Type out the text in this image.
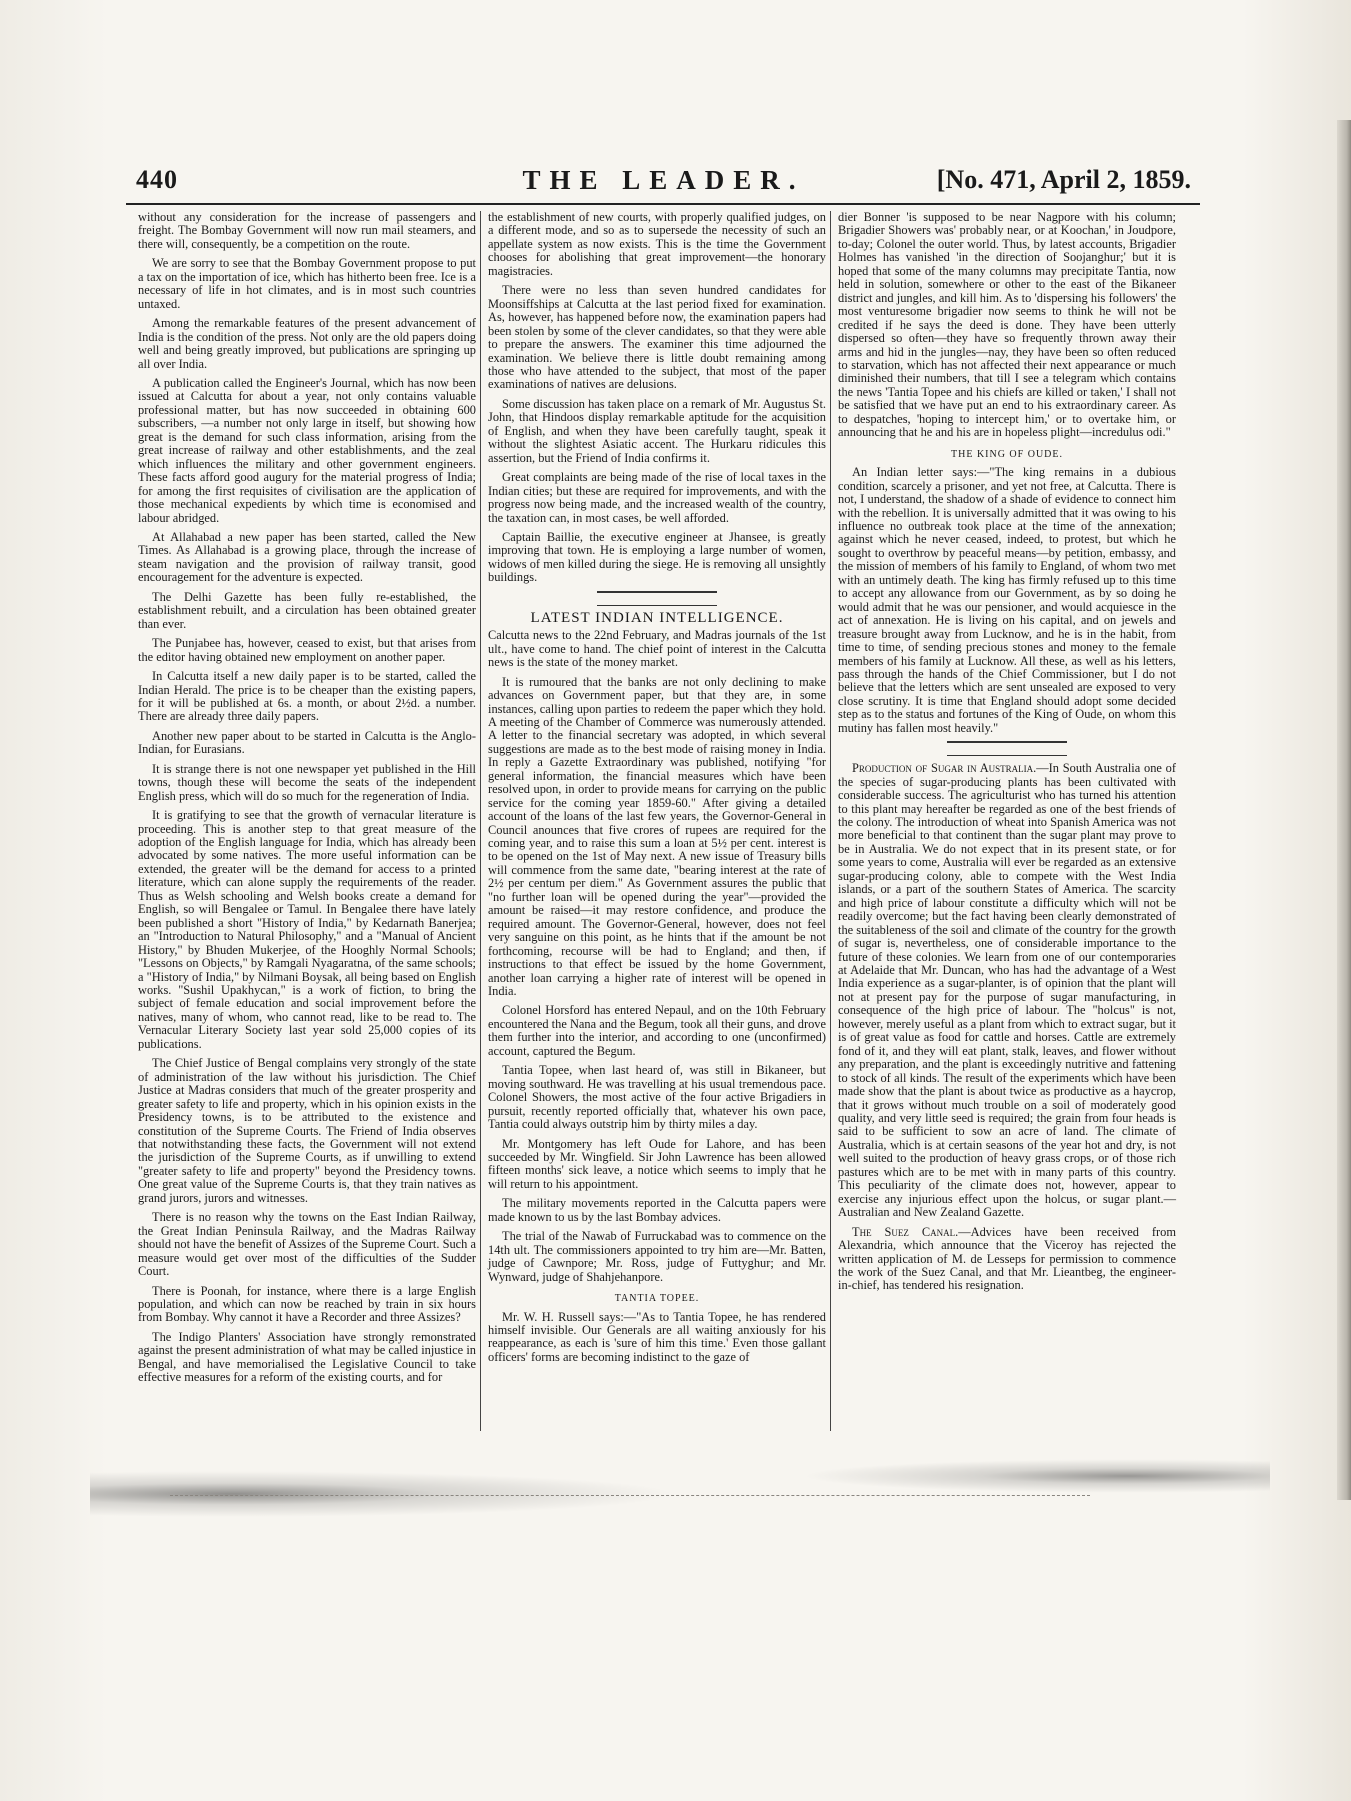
440	THE LEADER.	[No. 471, April 2, 1859.

without any consideration for the increase of passengers and freight. The Bombay Government will now run mail steamers, and there will, consequently, be a competition on the route.

We are sorry to see that the Bombay Government propose to put a tax on the importation of ice, which has hitherto been free. Ice is a necessary of life in hot climates, and is in most such countries untaxed.

Among the remarkable features of the present advancement of India is the condition of the press. Not only are the old papers doing well and being greatly improved, but publications are springing up all over India.

A publication called the Engineer's Journal, which has now been issued at Calcutta for about a year, not only contains valuable professional matter, but has now succeeded in obtaining 600 subscribers, —a number not only large in itself, but showing how great is the demand for such class information, arising from the great increase of railway and other establishments, and the zeal which influences the military and other government engineers. These facts afford good augury for the material progress of India; for among the first requisites of civilisation are the application of those mechanical expedients by which time is economised and labour abridged.

At Allahabad a new paper has been started, called the New Times. As Allahabad is a growing place, through the increase of steam navigation and the provision of railway transit, good encouragement for the adventure is expected.

The Delhi Gazette has been fully re-established, the establishment rebuilt, and a circulation has been obtained greater than ever.

The Punjabee has, however, ceased to exist, but that arises from the editor having obtained new employment on another paper.

In Calcutta itself a new daily paper is to be started, called the Indian Herald. The price is to be cheaper than the existing papers, for it will be published at 6s. a month, or about 2½d. a number. There are already three daily papers.

Another new paper about to be started in Calcutta is the Anglo-Indian, for Eurasians.

It is strange there is not one newspaper yet published in the Hill towns, though these will become the seats of the independent English press, which will do so much for the regeneration of India.

It is gratifying to see that the growth of vernacular literature is proceeding. This is another step to that great measure of the adoption of the English language for India, which has already been advocated by some natives. The more useful information can be extended, the greater will be the demand for access to a printed literature, which can alone supply the requirements of the reader. Thus as Welsh schooling and Welsh books create a demand for English, so will Bengalee or Tamul. In Bengalee there have lately been published a short "History of India," by Kedarnath Banerjea; an "Introduction to Natural Philosophy," and a "Manual of Ancient History," by Bhuden Mukerjee, of the Hooghly Normal Schools; "Lessons on Objects," by Ramgali Nyagaratna, of the same schools; a "History of India," by Nilmani Boysak, all being based on English works. "Sushil Upakhycan," is a work of fiction, to bring the subject of female education and social improvement before the natives, many of whom, who cannot read, like to be read to. The Vernacular Literary Society last year sold 25,000 copies of its publications.

The Chief Justice of Bengal complains very strongly of the state of administration of the law without his jurisdiction. The Chief Justice at Madras considers that much of the greater prosperity and greater safety to life and property, which in his opinion exists in the Presidency towns, is to be attributed to the existence and constitution of the Supreme Courts. The Friend of India observes that notwithstanding these facts, the Government will not extend the jurisdiction of the Supreme Courts, as if unwilling to extend "greater safety to life and property" beyond the Presidency towns. One great value of the Supreme Courts is, that they train natives as grand jurors, jurors and witnesses.

There is no reason why the towns on the East Indian Railway, the Great Indian Peninsula Railway, and the Madras Railway should not have the benefit of Assizes of the Supreme Court. Such a measure would get over most of the difficulties of the Sudder Court.

There is Poonah, for instance, where there is a large English population, and which can now be reached by train in six hours from Bombay. Why cannot it have a Recorder and three Assizes?

The Indigo Planters' Association have strongly remonstrated against the present administration of what may be called injustice in Bengal, and have memorialised the Legislative Council to take effective measures for a reform of the existing courts, and for

the establishment of new courts, with properly qualified judges, on a different mode, and so as to supersede the necessity of such an appellate system as now exists. This is the time the Government chooses for abolishing that great improvement—the honorary magistracies.

There were no less than seven hundred candidates for Moonsiffships at Calcutta at the last period fixed for examination. As, however, has happened before now, the examination papers had been stolen by some of the clever candidates, so that they were able to prepare the answers. The examiner this time adjourned the examination. We believe there is little doubt remaining among those who have attended to the subject, that most of the paper examinations of natives are delusions.

Some discussion has taken place on a remark of Mr. Augustus St. John, that Hindoos display remarkable aptitude for the acquisition of English, and when they have been carefully taught, speak it without the slightest Asiatic accent. The Hurkaru ridicules this assertion, but the Friend of India confirms it.

Great complaints are being made of the rise of local taxes in the Indian cities; but these are required for improvements, and with the progress now being made, and the increased wealth of the country, the taxation can, in most cases, be well afforded.

Captain Baillie, the executive engineer at Jhansee, is greatly improving that town. He is employing a large number of women, widows of men killed during the siege. He is removing all unsightly buildings.

LATEST INDIAN INTELLIGENCE.

Calcutta news to the 22nd February, and Madras journals of the 1st ult., have come to hand. The chief point of interest in the Calcutta news is the state of the money market.

It is rumoured that the banks are not only declining to make advances on Government paper, but that they are, in some instances, calling upon parties to redeem the paper which they hold. A meeting of the Chamber of Commerce was numerously attended. A letter to the financial secretary was adopted, in which several suggestions are made as to the best mode of raising money in India. In reply a Gazette Extraordinary was published, notifying "for general information, the financial measures which have been resolved upon, in order to provide means for carrying on the public service for the coming year 1859-60." After giving a detailed account of the loans of the last few years, the Governor-General in Council anounces that five crores of rupees are required for the coming year, and to raise this sum a loan at 5½ per cent. interest is to be opened on the 1st of May next. A new issue of Treasury bills will commence from the same date, "bearing interest at the rate of 2½ per centum per diem." As Government assures the public that "no further loan will be opened during the year"—provided the amount be raised—it may restore confidence, and produce the required amount. The Governor-General, however, does not feel very sanguine on this point, as he hints that if the amount be not forthcoming, recourse will be had to England; and then, if instructions to that effect be issued by the home Government, another loan carrying a higher rate of interest will be opened in India.

Colonel Horsford has entered Nepaul, and on the 10th February encountered the Nana and the Begum, took all their guns, and drove them further into the interior, and according to one (unconfirmed) account, captured the Begum.

Tantia Topee, when last heard of, was still in Bikaneer, but moving southward. He was travelling at his usual tremendous pace. Colonel Showers, the most active of the four active Brigadiers in pursuit, recently reported officially that, whatever his own pace, Tantia could always outstrip him by thirty miles a day.

Mr. Montgomery has left Oude for Lahore, and has been succeeded by Mr. Wingfield. Sir John Lawrence has been allowed fifteen months' sick leave, a notice which seems to imply that he will return to his appointment.

The military movements reported in the Calcutta papers were made known to us by the last Bombay advices.

The trial of the Nawab of Furruckabad was to commence on the 14th ult. The commissioners appointed to try him are—Mr. Batten, judge of Cawnpore; Mr. Ross, judge of Futtyghur; and Mr. Wynward, judge of Shahjehanpore.

TANTIA TOPEE.

Mr. W. H. Russell says:—"As to Tantia Topee, he has rendered himself invisible. Our Generals are all waiting anxiously for his reappearance, as each is 'sure of him this time.' Even those gallant officers' forms are becoming indistinct to the gaze of

dier Bonner 'is supposed to be near Nagpore with his column; Brigadier Showers was' probably near, or at Koochan,' in Joudpore, to-day; Colonel the outer world. Thus, by latest accounts, Brigadier Holmes has vanished 'in the direction of Soojanghur;' but it is hoped that some of the many columns may precipitate Tantia, now held in solution, somewhere or other to the east of the Bikaneer district and jungles, and kill him. As to 'dispersing his followers' the most venturesome brigadier now seems to think he will not be credited if he says the deed is done. They have been utterly dispersed so often—they have so frequently thrown away their arms and hid in the jungles—nay, they have been so often reduced to starvation, which has not affected their next appearance or much diminished their numbers, that till I see a telegram which contains the news 'Tantia Topee and his chiefs are killed or taken,' I shall not be satisfied that we have put an end to his extraordinary career. As to despatches, 'hoping to intercept him,' or to overtake him, or announcing that he and his are in hopeless plight—incredulus odi."

THE KING OF OUDE.

An Indian letter says:—"The king remains in a dubious condition, scarcely a prisoner, and yet not free, at Calcutta. There is not, I understand, the shadow of a shade of evidence to connect him with the rebellion. It is universally admitted that it was owing to his influence no outbreak took place at the time of the annexation; against which he never ceased, indeed, to protest, but which he sought to overthrow by peaceful means—by petition, embassy, and the mission of members of his family to England, of whom two met with an untimely death. The king has firmly refused up to this time to accept any allowance from our Government, as by so doing he would admit that he was our pensioner, and would acquiesce in the act of annexation. He is living on his capital, and on jewels and treasure brought away from Lucknow, and he is in the habit, from time to time, of sending precious stones and money to the female members of his family at Lucknow. All these, as well as his letters, pass through the hands of the Chief Commissioner, but I do not believe that the letters which are sent unsealed are exposed to very close scrutiny. It is time that England should adopt some decided step as to the status and fortunes of the King of Oude, on whom this mutiny has fallen most heavily."

Production of Sugar in Australia.—In South Australia one of the species of sugar-producing plants has been cultivated with considerable success. The agriculturist who has turned his attention to this plant may hereafter be regarded as one of the best friends of the colony. The introduction of wheat into Spanish America was not more beneficial to that continent than the sugar plant may prove to be in Australia. We do not expect that in its present state, or for some years to come, Australia will ever be regarded as an extensive sugar-producing colony, able to compete with the West India islands, or a part of the southern States of America. The scarcity and high price of labour constitute a difficulty which will not be readily overcome; but the fact having been clearly demonstrated of the suitableness of the soil and climate of the country for the growth of sugar is, nevertheless, one of considerable importance to the future of these colonies. We learn from one of our contemporaries at Adelaide that Mr. Duncan, who has had the advantage of a West India experience as a sugar-planter, is of opinion that the plant will not at present pay for the purpose of sugar manufacturing, in consequence of the high price of labour. The "holcus" is not, however, merely useful as a plant from which to extract sugar, but it is of great value as food for cattle and horses. Cattle are extremely fond of it, and they will eat plant, stalk, leaves, and flower without any preparation, and the plant is exceedingly nutritive and fattening to stock of all kinds. The result of the experiments which have been made show that the plant is about twice as productive as a haycrop, that it grows without much trouble on a soil of moderately good quality, and very little seed is required; the grain from four heads is said to be sufficient to sow an acre of land. The climate of Australia, which is at certain seasons of the year hot and dry, is not well suited to the production of heavy grass crops, or of those rich pastures which are to be met with in many parts of this country. This peculiarity of the climate does not, however, appear to exercise any injurious effect upon the holcus, or sugar plant.—Australian and New Zealand Gazette.

The Suez Canal.—Advices have been received from Alexandria, which announce that the Viceroy has rejected the written application of M. de Lesseps for permission to commence the work of the Suez Canal, and that Mr. Lieantbeg, the engineer-in-chief, has tendered his resignation.
